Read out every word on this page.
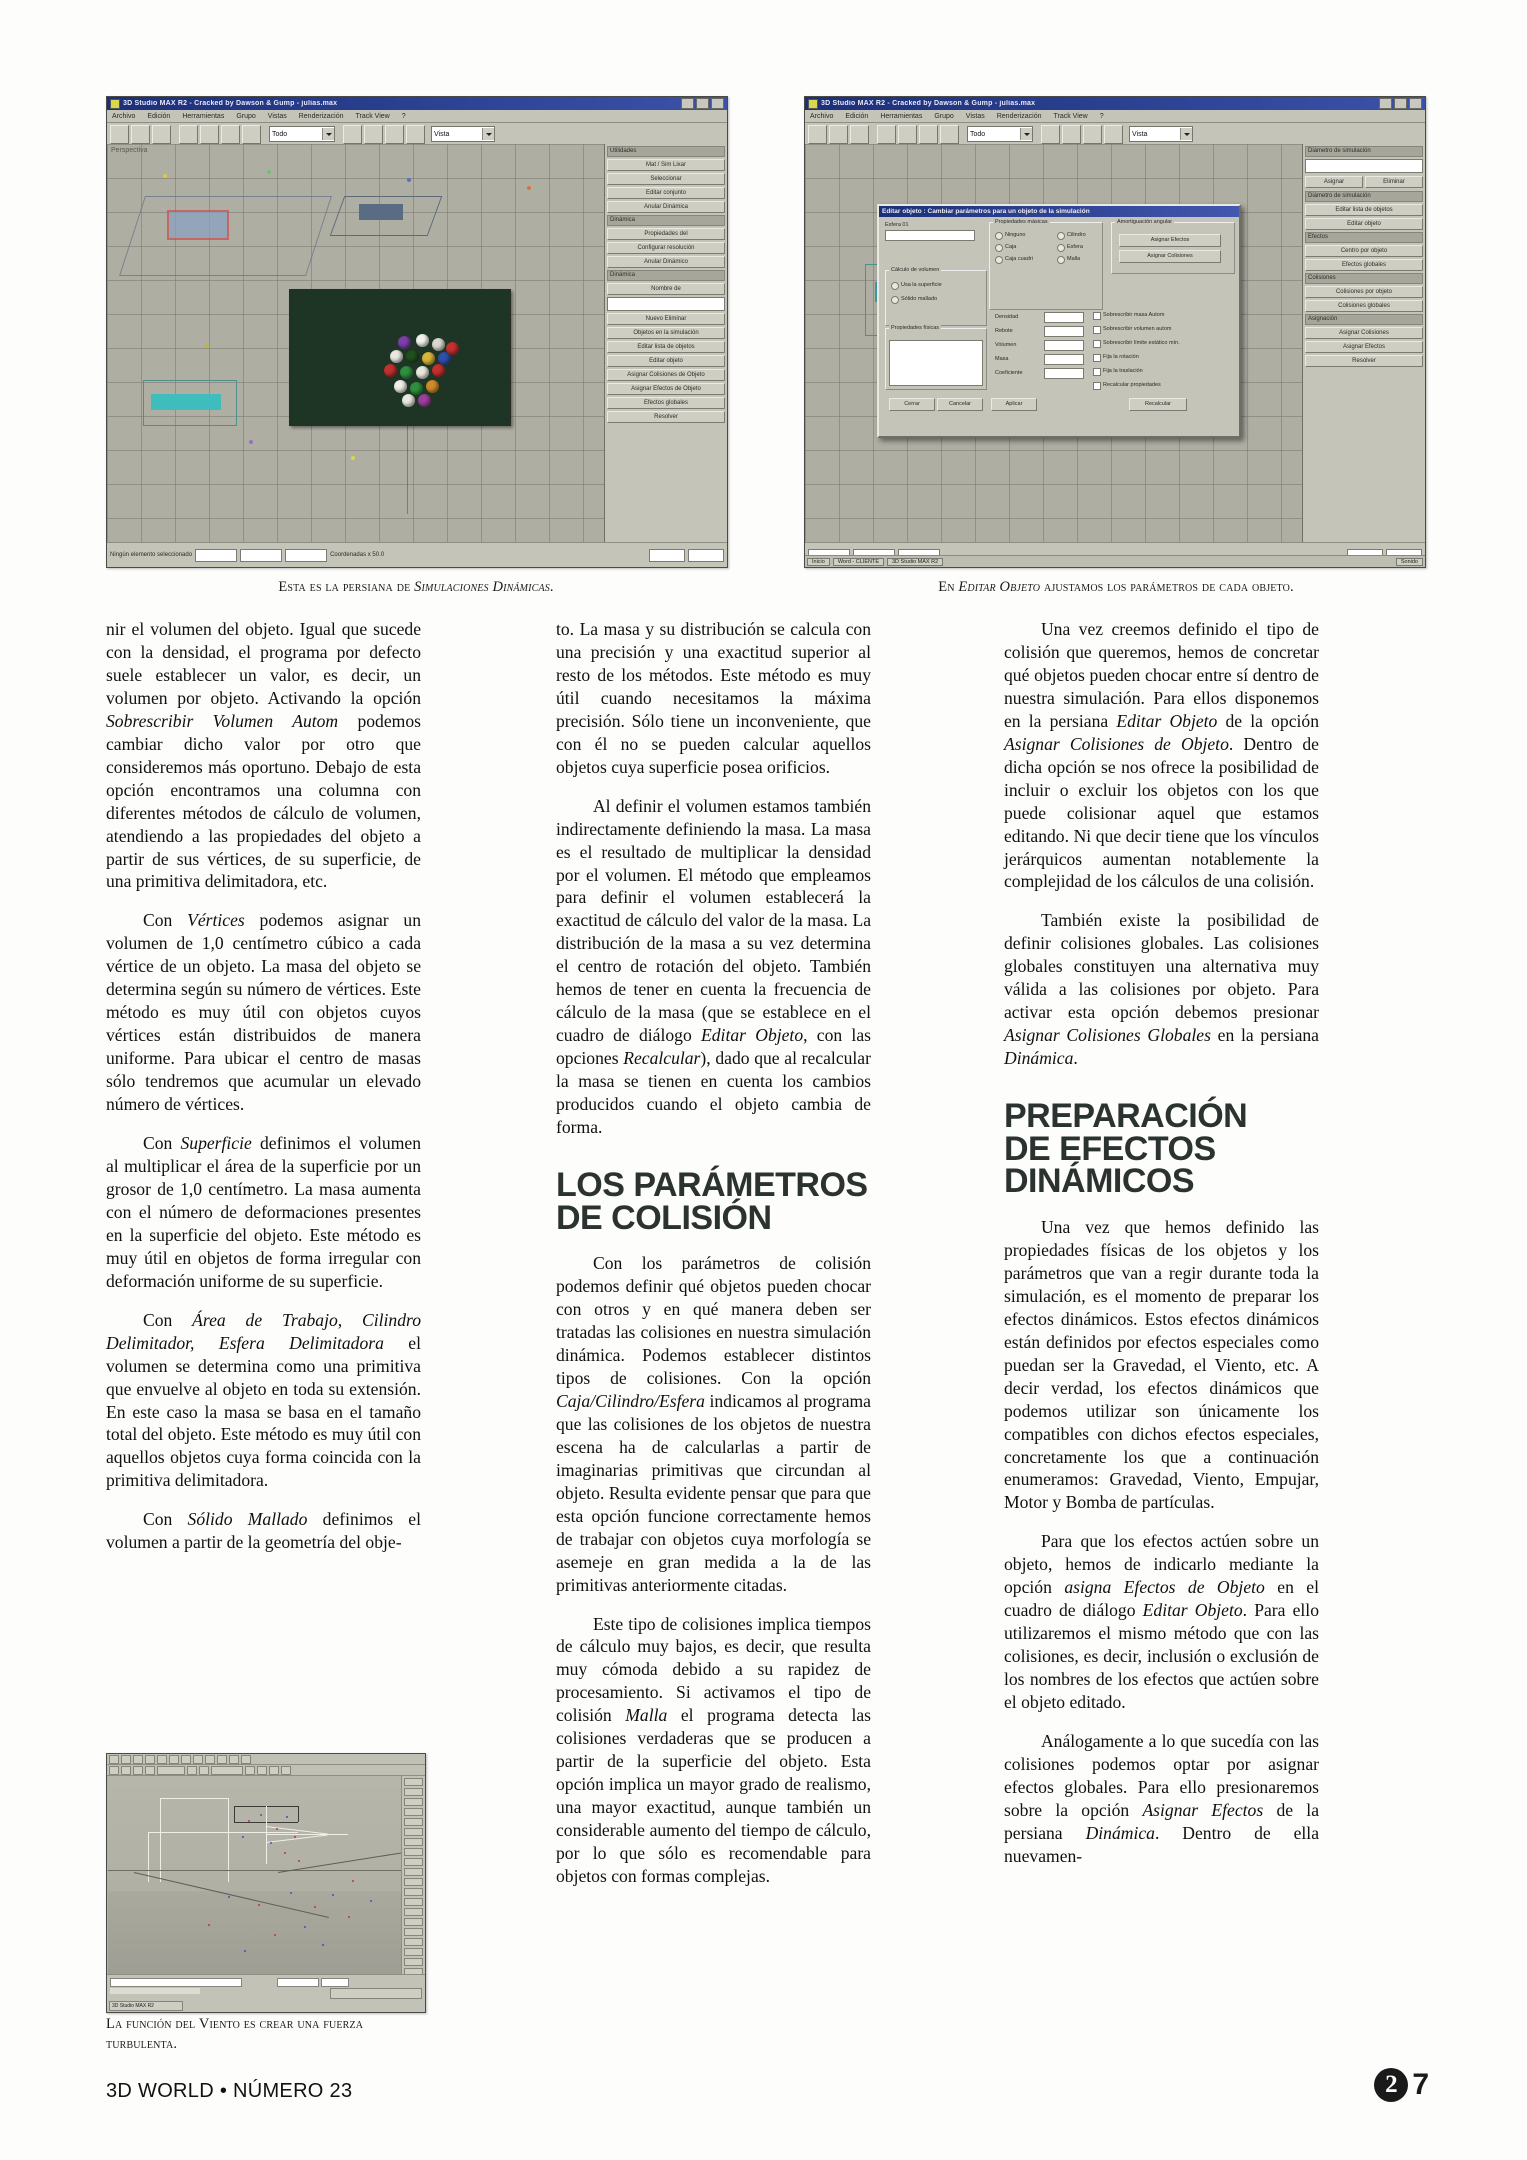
3D Studio MAX R2 - Cracked by Dawson & Gump - julias.max
Archivo Edición Herramientas Grupo Vistas Renderización Track View ?
Todo	Vista
Perspectiva	Utilidades
Mat / Sim Lixar
Seleccionar
Editar conjunto
Anular Dinámica
Dinámica
Propiedades del
Configurar resolución
Anular Dinámico
Dinámica
Nombre de
Nuevo Eliminar
Objetos en la simulación
Editar lista de objetos
Editar objeto
Asignar Colisiones de Objeto
Asignar Efectos de Objeto
Efectos globales
Resolver
Ningún elemento seleccionado	Coordenadas x 50.0
3D Studio MAX R2 - Cracked by Dawson & Gump - julias.max
Archivo Edición Herramientas Grupo Vistas Renderización Track View ?
Todo	Vista
Editar objeto : Cambiar parámetros para un objeto de la simulación
Esfera 01	Propiedades másicas
Ninguno
Caja
Caja cuadri
Cilindro
Esfera
Malla
Amortiguación angular
Asignar Efectos
Asignar Colisiones
Cálculo de volumen
Usa la superficie
Sólido mallado
Propiedades físicas
Densidad
Rebote
Volumen
Masa
Coeficiente
Sobrescribir masa Autom
Sobrescribir volumen autom
Sobrescribir límite estático mín.
Fija la rotación
Fija la traslación
Recalcular propiedades
Cerrar	Cancelar	Aplicar	Recalcular
Diámetro de simulación
Asignar	Eliminar
Diámetro de simulación
Editar lista de objetos
Editar objeto
Efectos
Centro por objeto
Efectos globales
Colisiones
Colisiones por objeto
Colisiones globales
Asignación
Asignar Colisiones
Asignar Efectos
Resolver
Inicio	Word - CLIENTE	3D Studio MAX R2	Sonido
Esta es la persiana de Simulaciones Dinámicas.	En Editar Objeto ajustamos los parámetros de cada objeto.

nir el volumen del objeto. Igual que sucede con la densidad, el programa por defecto suele establecer un valor, es decir, un volumen por objeto. Activando la opción Sobrescribir Volumen Autom podemos cambiar dicho valor por otro que consideremos más oportuno. Debajo de esta opción encontramos una columna con diferentes métodos de cálculo de volumen, atendiendo a las propiedades del objeto a partir de sus vértices, de su superficie, de una primitiva delimitadora, etc.

Con Vértices podemos asignar un volumen de 1,0 centímetro cúbico a cada vértice de un objeto. La masa del objeto se determina según su número de vértices. Este método es muy útil con objetos cuyos vértices están distribuidos de manera uniforme. Para ubicar el centro de masas sólo tendremos que acumular un elevado número de vértices.

Con Superficie definimos el volumen al multiplicar el área de la superficie por un grosor de 1,0 centímetro. La masa aumenta con el número de deformaciones presentes en la superficie del objeto. Este método es muy útil en objetos de forma irregular con deformación uniforme de su superficie.

Con Área de Trabajo, Cilindro Delimitador, Esfera Delimitadora el volumen se determina como una primitiva que envuelve al objeto en toda su extensión. En este caso la masa se basa en el tamaño total del objeto. Este método es muy útil con aquellos objetos cuya forma coincida con la primitiva delimitadora.

Con Sólido Mallado definimos el volumen a partir de la geometría del obje-

3D Studio MAX R2
La función del Viento es crear una fuerza turbulenta.

to. La masa y su distribución se calcula con una precisión y una exactitud superior al resto de los métodos. Este método es muy útil cuando necesitamos la máxima precisión. Sólo tiene un inconveniente, que con él no se pueden calcular aquellos objetos cuya superficie posea orificios.

Al definir el volumen estamos también indirectamente definiendo la masa. La masa es el resultado de multiplicar la densidad por el volumen. El método que empleamos para definir el volumen establecerá la exactitud de cálculo del valor de la masa. La distribución de la masa a su vez determina el centro de rotación del objeto. También hemos de tener en cuenta la frecuencia de cálculo de la masa (que se establece en el cuadro de diálogo Editar Objeto, con las opciones Recalcular), dado que al recalcular la masa se tienen en cuenta los cambios producidos cuando el objeto cambia de forma.

LOS PARÁMETROS
DE COLISIÓN

Con los parámetros de colisión podemos definir qué objetos pueden chocar con otros y en qué manera deben ser tratadas las colisiones en nuestra simulación dinámica. Podemos establecer distintos tipos de colisiones. Con la opción Caja/Cilindro/Esfera indicamos al programa que las colisiones de los objetos de nuestra escena ha de calcularlas a partir de imaginarias primitivas que circundan al objeto. Resulta evidente pensar que para que esta opción funcione correctamente hemos de trabajar con objetos cuya morfología se asemeje en gran medida a la de las primitivas anteriormente citadas.

Este tipo de colisiones implica tiempos de cálculo muy bajos, es decir, que resulta muy cómoda debido a su rapidez de procesamiento. Si activamos el tipo de colisión Malla el programa detecta las colisiones verdaderas que se producen a partir de la superficie del objeto. Esta opción implica un mayor grado de realismo, una mayor exactitud, aunque también un considerable aumento del tiempo de cálculo, por lo que sólo es recomendable para objetos con formas complejas.

Una vez creemos definido el tipo de colisión que queremos, hemos de concretar qué objetos pueden chocar entre sí dentro de nuestra simulación. Para ellos disponemos en la persiana Editar Objeto de la opción Asignar Colisiones de Objeto. Dentro de dicha opción se nos ofrece la posibilidad de incluir o excluir los objetos con los que puede colisionar aquel que estamos editando. Ni que decir tiene que los vínculos jerárquicos aumentan notablemente la complejidad de los cálculos de una colisión.

También existe la posibilidad de definir colisiones globales. Las colisiones globales constituyen una alternativa muy válida a las colisiones por objeto. Para activar esta opción debemos presionar Asignar Colisiones Globales en la persiana Dinámica.

PREPARACIÓN
DE EFECTOS
DINÁMICOS

Una vez que hemos definido las propiedades físicas de los objetos y los parámetros que van a regir durante toda la simulación, es el momento de preparar los efectos dinámicos. Estos efectos dinámicos están definidos por efectos especiales como puedan ser la Gravedad, el Viento, etc. A decir verdad, los efectos dinámicos que podemos utilizar son únicamente los compatibles con dichos efectos especiales, concretamente los que a continuación enumeramos: Gravedad, Viento, Empujar, Motor y Bomba de partículas.

Para que los efectos actúen sobre un objeto, hemos de indicarlo mediante la opción asigna Efectos de Objeto en el cuadro de diálogo Editar Objeto. Para ello utilizaremos el mismo método que con las colisiones, es decir, inclusión o exclusión de los nombres de los efectos que actúen sobre el objeto editado.

Análogamente a lo que sucedía con las colisiones podemos optar por asignar efectos globales. Para ello presionaremos sobre la opción Asignar Efectos de la persiana Dinámica. Dentro de ella nuevamen-

3D WORLD • NÚMERO 23	2 7
